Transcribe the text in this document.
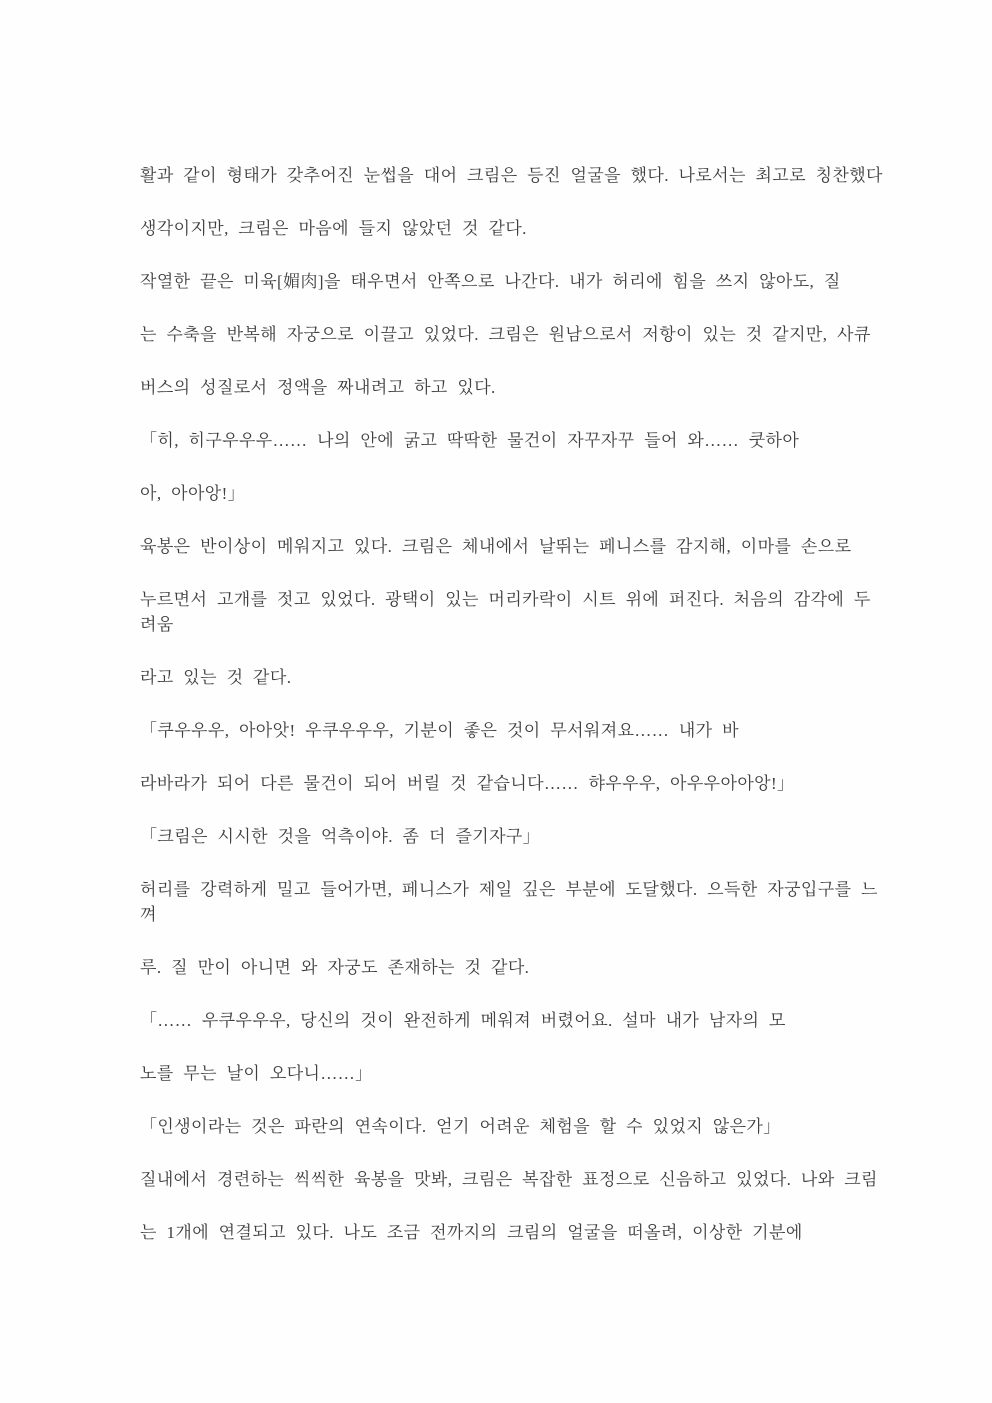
활과 같이 형태가 갖추어진 눈썹을 대어 크림은 등진 얼굴을 했다. 나로서는 최고로 칭찬했다
생각이지만, 크림은 마음에 들지 않았던 것 같다.
작열한 끝은 미육[媚肉]을 태우면서 안쪽으로 나간다. 내가 허리에 힘을 쓰지 않아도, 질
는 수축을 반복해 자궁으로 이끌고 있었다. 크림은 원남으로서 저항이 있는 것 같지만, 사큐
버스의 성질로서 정액을 짜내려고 하고 있다.
「히, 히구우우우…… 나의 안에 굵고 딱딱한 물건이 자꾸자꾸 들어 와…… 쿳하아
아, 아아앙!」
육봉은 반이상이 메워지고 있다. 크림은 체내에서 날뛰는 페니스를 감지해, 이마를 손으로
누르면서 고개를 젓고 있었다. 광택이 있는 머리카락이 시트 위에 퍼진다. 처음의 감각에 두
려움
라고 있는 것 같다.
「쿠우우우, 아아앗! 우쿠우우우, 기분이 좋은 것이 무서워져요…… 내가 바
라바라가 되어 다른 물건이 되어 버릴 것 같습니다…… 햐우우우, 아우우아아앙!」
「크림은 시시한 것을 억측이야. 좀 더 즐기자구」
허리를 강력하게 밀고 들어가면, 페니스가 제일 깊은 부분에 도달했다. 으득한 자궁입구를 느
껴
루. 질 만이 아니면 와 자궁도 존재하는 것 같다.
「…… 우쿠우우우, 당신의 것이 완전하게 메워져 버렸어요. 설마 내가 남자의 모
노를 무는 날이 오다니……」
「인생이라는 것은 파란의 연속이다. 얻기 어려운 체험을 할 수 있었지 않은가」
질내에서 경련하는 씩씩한 육봉을 맛봐, 크림은 복잡한 표정으로 신음하고 있었다. 나와 크림
는 1개에 연결되고 있다. 나도 조금 전까지의 크림의 얼굴을 떠올려, 이상한 기분에
